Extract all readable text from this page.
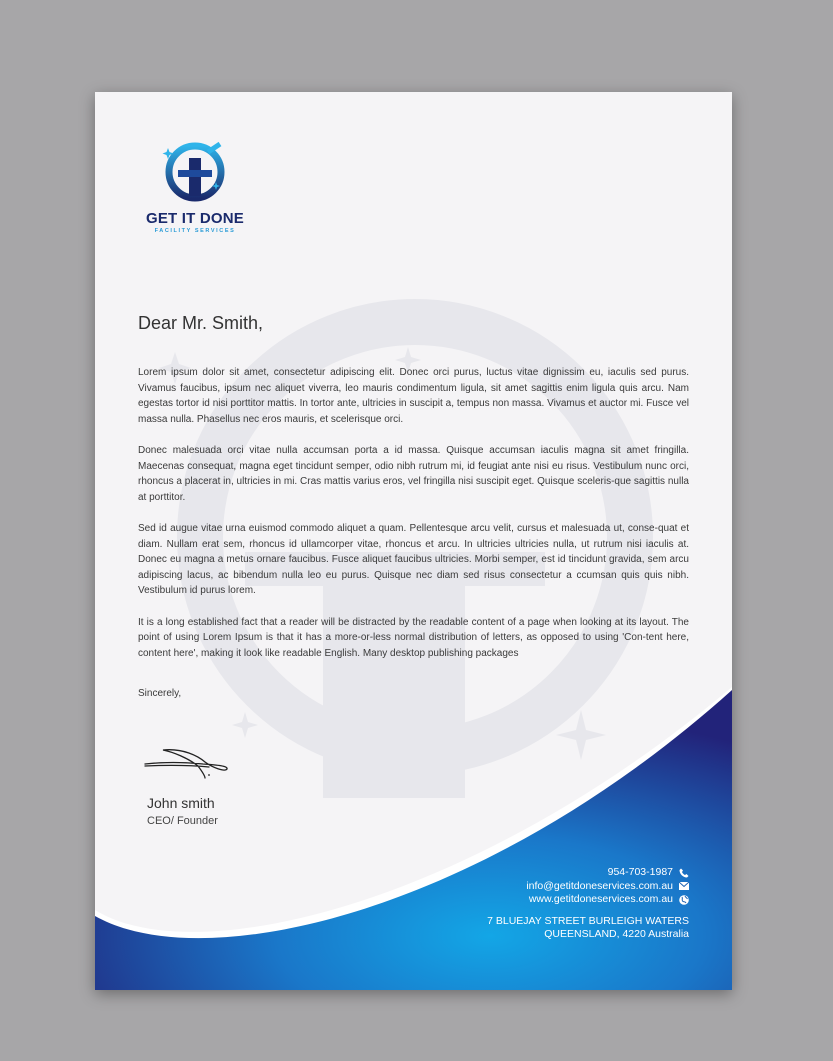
GET IT DONE
FACILITY SERVICES
Dear Mr. Smith,

Lorem ipsum dolor sit amet, consectetur adipiscing elit. Donec orci purus, luctus vitae dignissim eu, iaculis sed purus. Vivamus faucibus, ipsum nec aliquet viverra, leo mauris condimentum ligula, sit amet sagittis enim ligula quis arcu. Nam egestas tortor id nisi porttitor mattis. In tortor ante, ultricies in suscipit a, tempus non massa. Vivamus et auctor mi. Fusce vel massa nulla. Phasellus nec eros mauris, et scelerisque orci.

Donec malesuada orci vitae nulla accumsan porta a id massa. Quisque accumsan iaculis magna sit amet fringilla. Maecenas consequat, magna eget tincidunt semper, odio nibh rutrum mi, id feugiat ante nisi eu risus. Vestibulum nunc orci, rhoncus a placerat in, ultricies in mi. Cras mattis varius eros, vel fringilla nisi suscipit eget. Quisque sceleris-que sagittis nulla at porttitor.

Sed id augue vitae urna euismod commodo aliquet a quam. Pellentesque arcu velit, cursus et malesuada ut, conse-quat et diam. Nullam erat sem, rhoncus id ullamcorper vitae, rhoncus et arcu. In ultricies ultricies nulla, ut rutrum nisi iaculis at. Donec eu magna a metus ornare faucibus. Fusce aliquet faucibus ultricies. Morbi semper, est id tincidunt gravida, sem arcu adipiscing lacus, ac bibendum nulla leo eu purus. Quisque nec diam sed risus consectetur a ccumsan quis quis nibh. Vestibulum id purus lorem.

It is a long established fact that a reader will be distracted by the readable content of a page when looking at its layout. The point of using Lorem Ipsum is that it has a more-or-less normal distribution of letters, as opposed to using 'Con-tent here, content here', making it look like readable English. Many desktop publishing packages

Sincerely,
John smith
CEO/ Founder
954-703-1987
info@getitdoneservices.com.au
www.getitdoneservices.com.au
7 BLUEJAY STREET BURLEIGH WATERS
QUEENSLAND, 4220 Australia
